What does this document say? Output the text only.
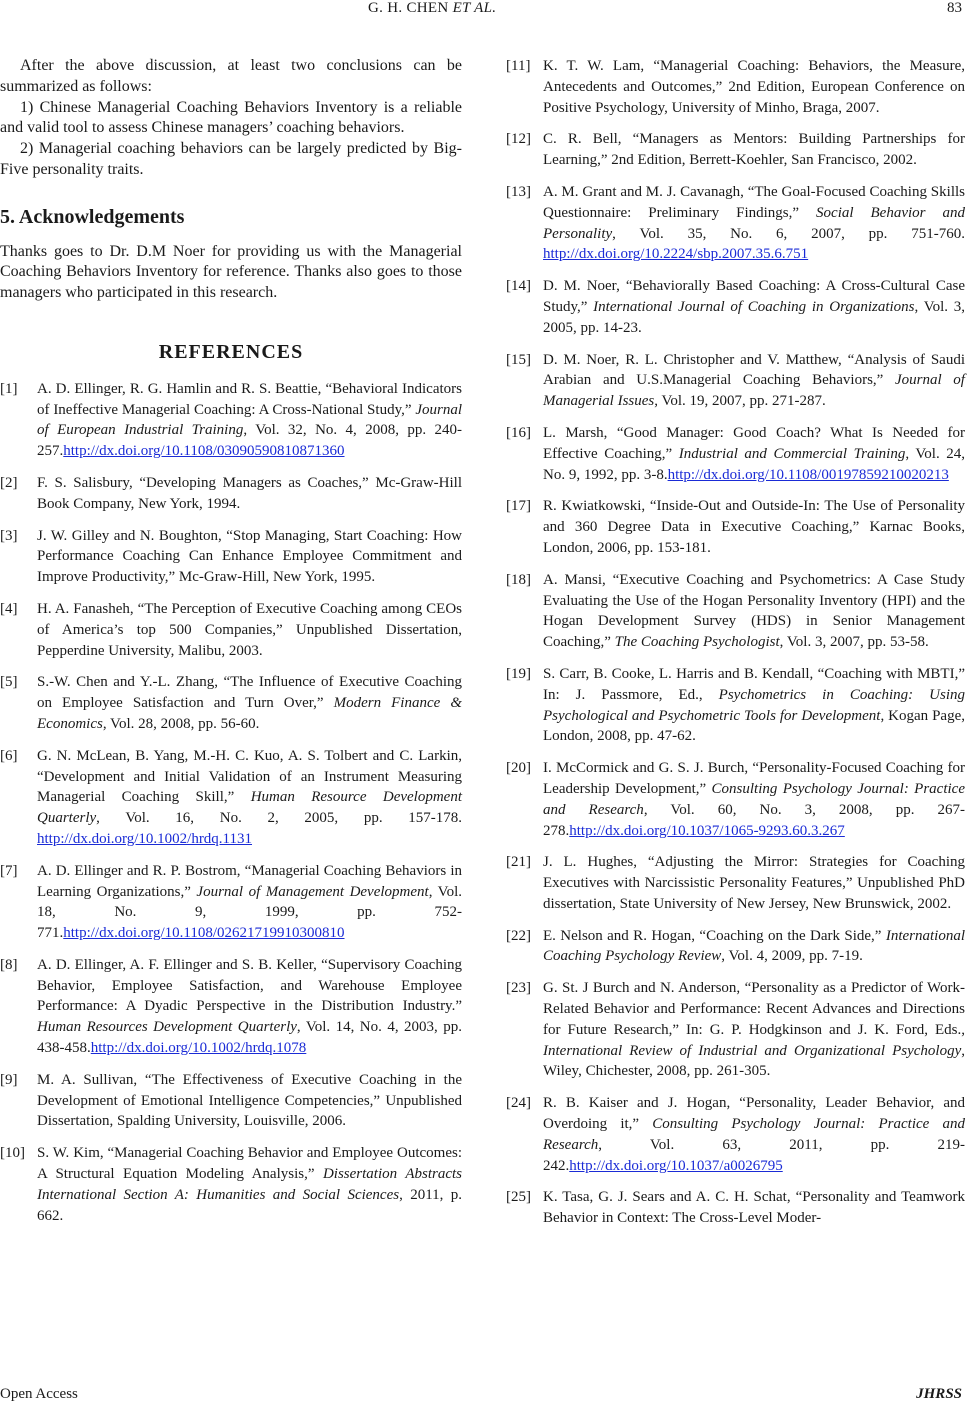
G. H. CHEN ET AL.	83

After the above discussion, at least two conclusions can be summarized as follows:

1) Chinese Managerial Coaching Behaviors Inventory is a reliable and valid tool to assess Chinese managers’ coaching behaviors.

2) Managerial coaching behaviors can be largely predicted by Big-Five personality traits.

5. Acknowledgements

Thanks goes to Dr. D.M Noer for providing us with the Managerial Coaching Behaviors Inventory for reference. Thanks also goes to those managers who participated in this research.

REFERENCES
[1] A. D. Ellinger, R. G. Hamlin and R. S. Beattie, “Behavioral Indicators of Ineffective Managerial Coaching: A Cross-National Study,” Journal of European Industrial Training, Vol. 32, No. 4, 2008, pp. 240-257.http://dx.doi.org/10.1108/03090590810871360
[2] F. S. Salisbury, “Developing Managers as Coaches,” Mc-Graw-Hill Book Company, New York, 1994.
[3] J. W. Gilley and N. Boughton, “Stop Managing, Start Coaching: How Performance Coaching Can Enhance Employee Commitment and Improve Productivity,” Mc-Graw-Hill, New York, 1995.
[4] H. A. Fanasheh, “The Perception of Executive Coaching among CEOs of America’s top 500 Companies,” Unpublished Dissertation, Pepperdine University, Malibu, 2003.
[5] S.-W. Chen and Y.-L. Zhang, “The Influence of Executive Coaching on Employee Satisfaction and Turn Over,” Modern Finance & Economics, Vol. 28, 2008, pp. 56-60.
[6] G. N. McLean, B. Yang, M.-H. C. Kuo, A. S. Tolbert and C. Larkin, “Development and Initial Validation of an Instrument Measuring Managerial Coaching Skill,” Human Resource Development Quarterly, Vol. 16, No. 2, 2005, pp. 157-178. http://dx.doi.org/10.1002/hrdq.1131
[7] A. D. Ellinger and R. P. Bostrom, “Managerial Coaching Behaviors in Learning Organizations,” Journal of Management Development, Vol. 18, No. 9, 1999, pp. 752-771.http://dx.doi.org/10.1108/02621719910300810
[8] A. D. Ellinger, A. F. Ellinger and S. B. Keller, “Supervisory Coaching Behavior, Employee Satisfaction, and Warehouse Employee Performance: A Dyadic Perspective in the Distribution Industry.” Human Resources Development Quarterly, Vol. 14, No. 4, 2003, pp. 438-458.http://dx.doi.org/10.1002/hrdq.1078
[9] M. A. Sullivan, “The Effectiveness of Executive Coaching in the Development of Emotional Intelligence Competencies,” Unpublished Dissertation, Spalding University, Louisville, 2006.
[10] S. W. Kim, “Managerial Coaching Behavior and Employee Outcomes: A Structural Equation Modeling Analysis,” Dissertation Abstracts International Section A: Humanities and Social Sciences, 2011, p. 662.
[11] K. T. W. Lam, “Managerial Coaching: Behaviors, the Measure, Antecedents and Outcomes,” 2nd Edition, European Conference on Positive Psychology, University of Minho, Braga, 2007.
[12] C. R. Bell, “Managers as Mentors: Building Partnerships for Learning,” 2nd Edition, Berrett-Koehler, San Francisco, 2002.
[13] A. M. Grant and M. J. Cavanagh, “The Goal-Focused Coaching Skills Questionnaire: Preliminary Findings,” Social Behavior and Personality, Vol. 35, No. 6, 2007, pp. 751-760. http://dx.doi.org/10.2224/sbp.2007.35.6.751
[14] D. M. Noer, “Behaviorally Based Coaching: A Cross-Cultural Case Study,” International Journal of Coaching in Organizations, Vol. 3, 2005, pp. 14-23.
[15] D. M. Noer, R. L. Christopher and V. Matthew, “Analysis of Saudi Arabian and U.S.Managerial Coaching Behaviors,” Journal of Managerial Issues, Vol. 19, 2007, pp. 271-287.
[16] L. Marsh, “Good Manager: Good Coach? What Is Needed for Effective Coaching,” Industrial and Commercial Training, Vol. 24, No. 9, 1992, pp. 3-8.http://dx.doi.org/10.1108/00197859210020213
[17] R. Kwiatkowski, “Inside-Out and Outside-In: The Use of Personality and 360 Degree Data in Executive Coaching,” Karnac Books, London, 2006, pp. 153-181.
[18] A. Mansi, “Executive Coaching and Psychometrics: A Case Study Evaluating the Use of the Hogan Personality Inventory (HPI) and the Hogan Development Survey (HDS) in Senior Management Coaching,” The Coaching Psychologist, Vol. 3, 2007, pp. 53-58.
[19] S. Carr, B. Cooke, L. Harris and B. Kendall, “Coaching with MBTI,” In: J. Passmore, Ed., Psychometrics in Coaching: Using Psychological and Psychometric Tools for Development, Kogan Page, London, 2008, pp. 47-62.
[20] I. McCormick and G. S. J. Burch, “Personality-Focused Coaching for Leadership Development,” Consulting Psychology Journal: Practice and Research, Vol. 60, No. 3, 2008, pp. 267-278.http://dx.doi.org/10.1037/1065-9293.60.3.267
[21] J. L. Hughes, “Adjusting the Mirror: Strategies for Coaching Executives with Narcissistic Personality Features,” Unpublished PhD dissertation, State University of New Jersey, New Brunswick, 2002.
[22] E. Nelson and R. Hogan, “Coaching on the Dark Side,” International Coaching Psychology Review, Vol. 4, 2009, pp. 7-19.
[23] G. St. J Burch and N. Anderson, “Personality as a Predictor of Work-Related Behavior and Performance: Recent Advances and Directions for Future Research,” In: G. P. Hodgkinson and J. K. Ford, Eds., International Review of Industrial and Organizational Psychology, Wiley, Chichester, 2008, pp. 261-305.
[24] R. B. Kaiser and J. Hogan, “Personality, Leader Behavior, and Overdoing it,” Consulting Psychology Journal: Practice and Research, Vol. 63, 2011, pp. 219-242.http://dx.doi.org/10.1037/a0026795
[25] K. Tasa, G. J. Sears and A. C. H. Schat, “Personality and Teamwork Behavior in Context: The Cross-Level Moder-
Open Access	JHRSS
